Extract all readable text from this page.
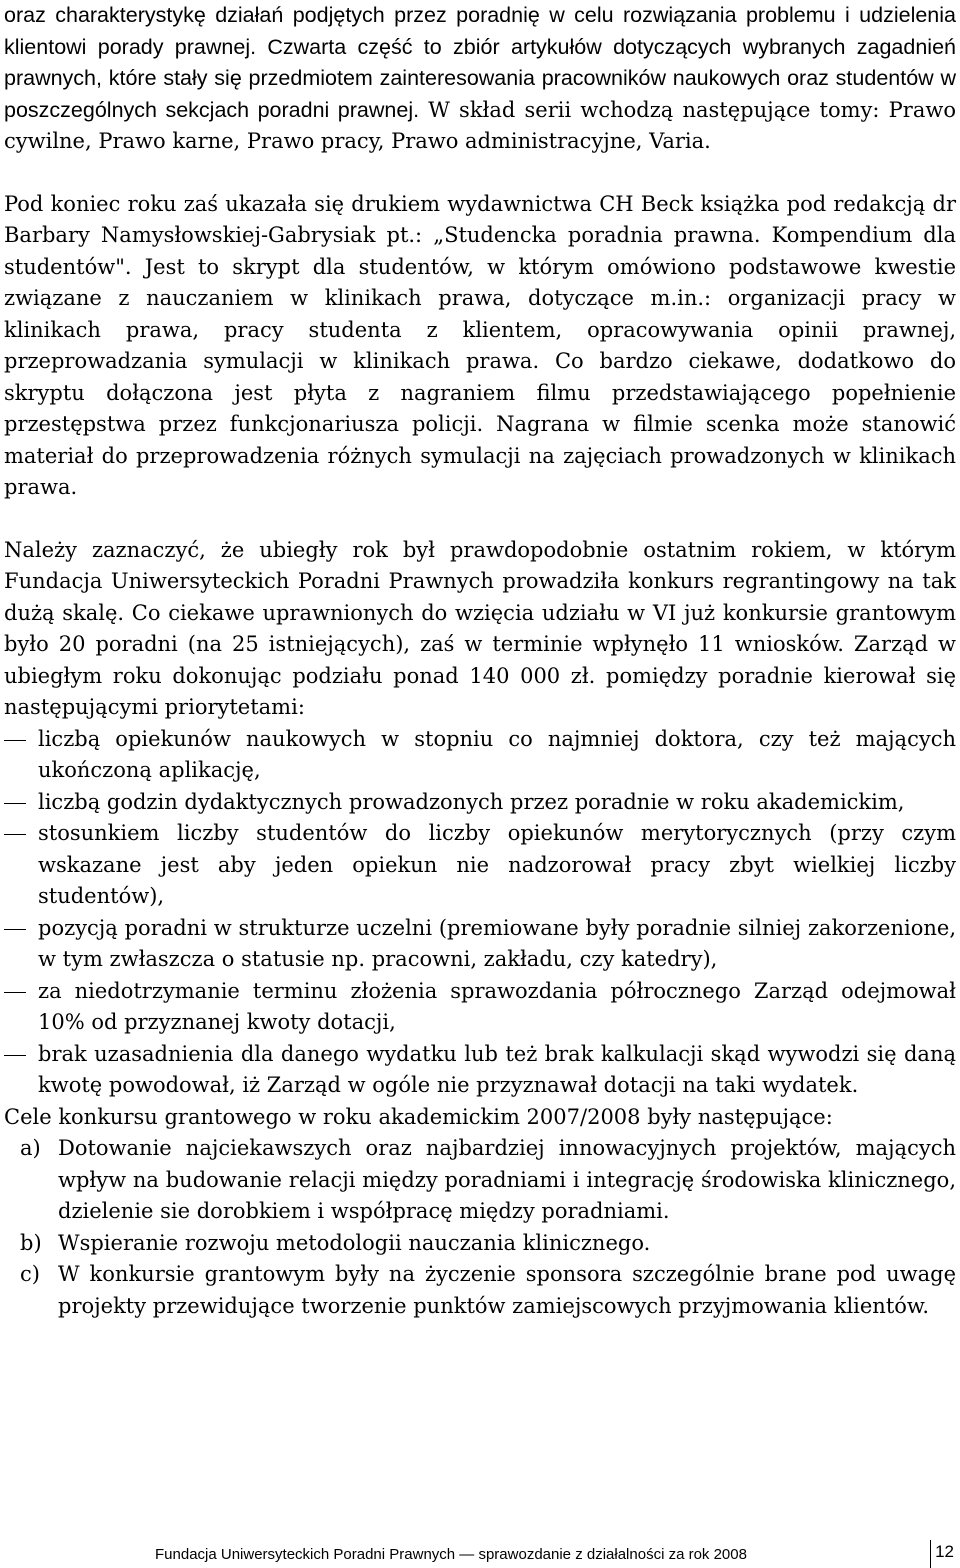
oraz charakterystykę działań podjętych przez poradnię w celu rozwiązania problemu i udzielenia klientowi porady prawnej. Czwarta część to zbiór artykułów dotyczących wybranych zagadnień prawnych, które stały się przedmiotem zainteresowania pracowników naukowych oraz studentów w poszczególnych sekcjach poradni prawnej. W skład serii wchodzą następujące tomy: Prawo cywilne, Prawo karne, Prawo pracy, Prawo administracyjne, Varia.

Pod koniec roku zaś ukazała się drukiem wydawnictwa CH Beck książka pod redakcją dr Barbary Namysłowskiej-Gabrysiak pt.: „Studencka poradnia prawna. Kompendium dla studentów". Jest to skrypt dla studentów, w którym omówiono podstawowe kwestie związane z nauczaniem w klinikach prawa, dotyczące m.in.: organizacji pracy w klinikach prawa, pracy studenta z klientem, opracowywania opinii prawnej, przeprowadzania symulacji w klinikach prawa. Co bardzo ciekawe, dodatkowo do skryptu dołączona jest płyta z nagraniem filmu przedstawiającego popełnienie przestępstwa przez funkcjonariusza policji. Nagrana w filmie scenka może stanowić materiał do przeprowadzenia różnych symulacji na zajęciach prowadzonych w klinikach prawa.

Należy zaznaczyć, że ubiegły rok był prawdopodobnie ostatnim rokiem, w którym Fundacja Uniwersyteckich Poradni Prawnych prowadziła konkurs regrantingowy na tak dużą skalę. Co ciekawe uprawnionych do wzięcia udziału w VI już konkursie grantowym było 20 poradni (na 25 istniejących), zaś w terminie wpłynęło 11 wniosków. Zarząd w ubiegłym roku dokonując podziału ponad 140 000 zł. pomiędzy poradnie kierował się następującymi priorytetami:

liczbą opiekunów naukowych w stopniu co najmniej doktora, czy też mających ukończoną aplikację,
liczbą godzin dydaktycznych prowadzonych przez poradnie w roku akademickim,
stosunkiem liczby studentów do liczby opiekunów merytorycznych (przy czym wskazane jest aby jeden opiekun nie nadzorował pracy zbyt wielkiej liczby studentów),
pozycją poradni w strukturze uczelni (premiowane były poradnie silniej zakorzenione, w tym zwłaszcza o statusie np. pracowni, zakładu, czy katedry),
za niedotrzymanie terminu złożenia sprawozdania półrocznego Zarząd odejmował 10% od przyznanej kwoty dotacji,
brak uzasadnienia dla danego wydatku lub też brak kalkulacji skąd wywodzi się daną kwotę powodował, iż Zarząd w ogóle nie przyznawał dotacji na taki wydatek.

Cele konkursu grantowego w roku akademickim 2007/2008 były następujące:

a) Dotowanie najciekawszych oraz najbardziej innowacyjnych projektów, mających wpływ na budowanie relacji między poradniami i integrację środowiska klinicznego, dzielenie sie dorobkiem i współpracę między poradniami.
b) Wspieranie rozwoju metodologii nauczania klinicznego.
c) W konkursie grantowym były na życzenie sponsora szczególnie brane pod uwagę projekty przewidujące tworzenie punktów zamiejscowych przyjmowania klientów.
Fundacja Uniwersyteckich Poradni Prawnych — sprawozdanie z działalności za rok 2008	12
